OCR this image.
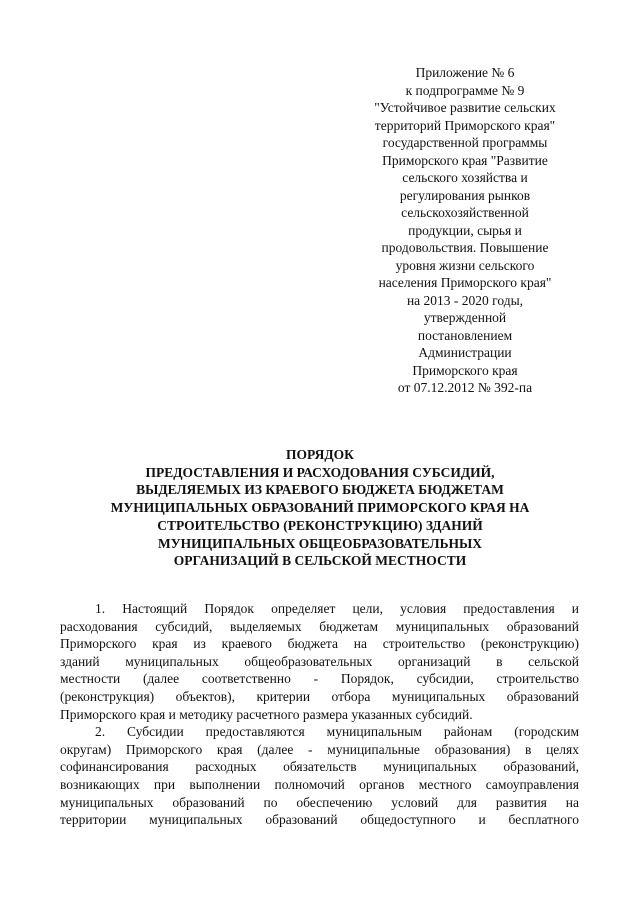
Приложение № 6
к подпрограмме № 9
"Устойчивое развитие сельских
территорий Приморского края"
государственной программы
Приморского края "Развитие
сельского хозяйства и
регулирования рынков
сельскохозяйственной
продукции, сырья и
продовольствия. Повышение
уровня жизни сельского
населения Приморского края"
на 2013 - 2020 годы,
утвержденной
постановлением
Администрации
Приморского края
от 07.12.2012 № 392-па
ПОРЯДОК
ПРЕДОСТАВЛЕНИЯ И РАСХОДОВАНИЯ СУБСИДИЙ,
ВЫДЕЛЯЕМЫХ ИЗ КРАЕВОГО БЮДЖЕТА БЮДЖЕТАМ
МУНИЦИПАЛЬНЫХ ОБРАЗОВАНИЙ ПРИМОРСКОГО КРАЯ НА
СТРОИТЕЛЬСТВО (РЕКОНСТРУКЦИЮ) ЗДАНИЙ
МУНИЦИПАЛЬНЫХ ОБЩЕОБРАЗОВАТЕЛЬНЫХ
ОРГАНИЗАЦИЙ В СЕЛЬСКОЙ МЕСТНОСТИ
1. Настоящий Порядок определяет цели, условия предоставления и
расходования субсидий, выделяемых бюджетам муниципальных образований
Приморского края из краевого бюджета на строительство (реконструкцию)
зданий муниципальных общеобразовательных организаций в сельской
местности (далее соответственно - Порядок, субсидии, строительство
(реконструкция) объектов), критерии отбора муниципальных образований
Приморского края и методику расчетного размера указанных субсидий.
2. Субсидии предоставляются муниципальным районам (городским
округам) Приморского края (далее - муниципальные образования) в целях
софинансирования расходных обязательств муниципальных образований,
возникающих при выполнении полномочий органов местного самоуправления
муниципальных образований по обеспечению условий для развития на
территории муниципальных образований общедоступного и бесплатного
